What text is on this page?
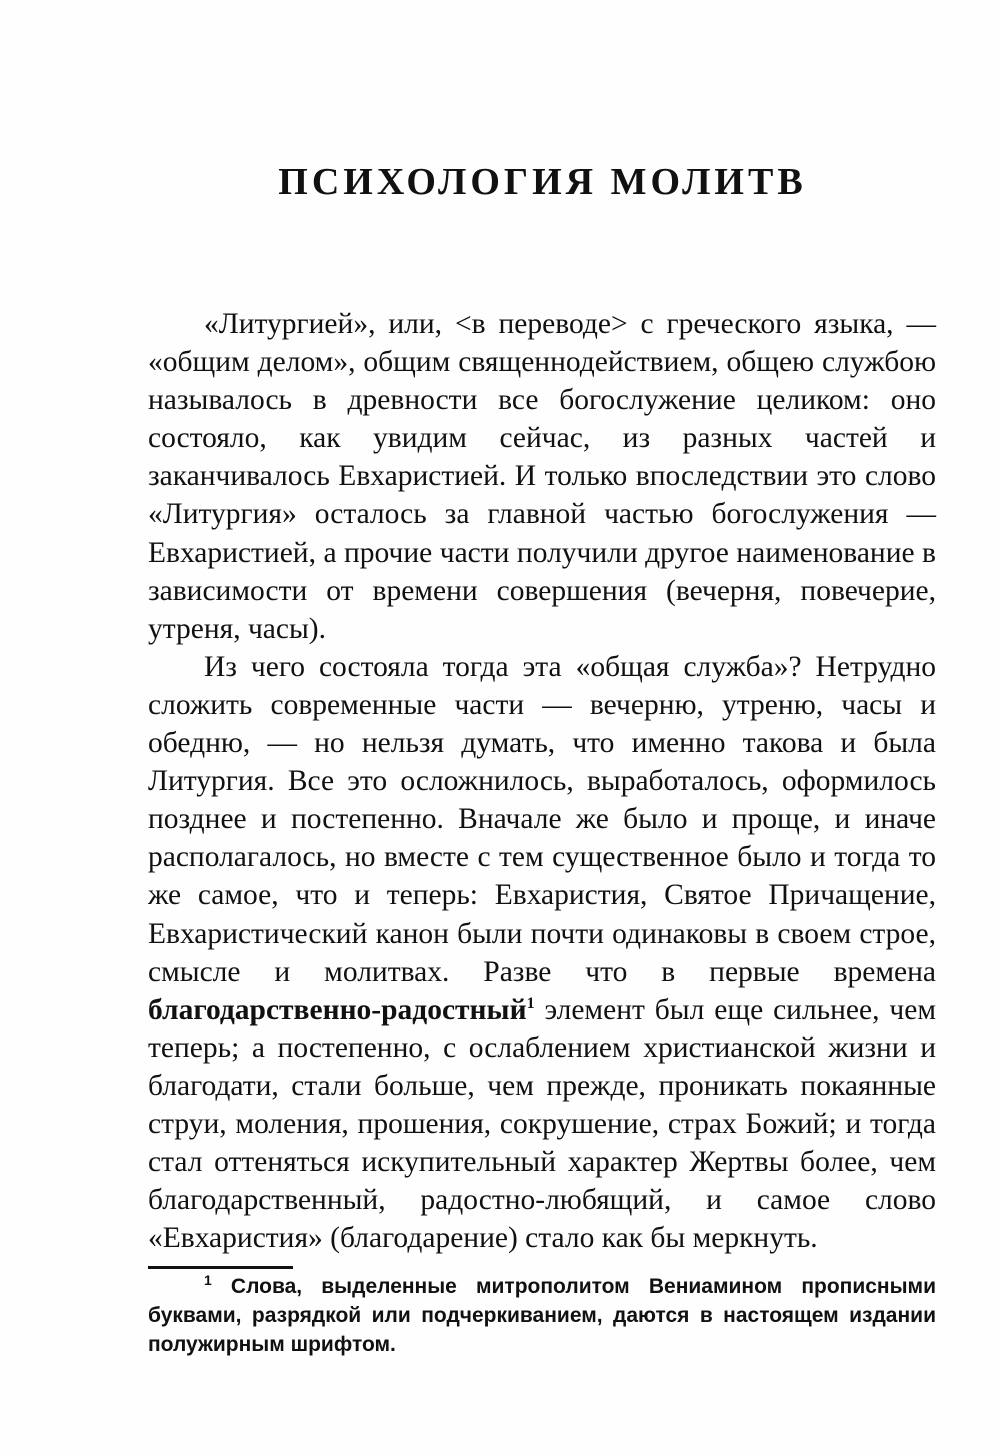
ПСИХОЛОГИЯ МОЛИТВ

«Литургией», или, <в переводе> с греческого языка, — «общим делом», общим священнодействием, общею службою называлось в древности все богослужение целиком: оно состояло, как увидим сейчас, из разных частей и заканчивалось Евхаристией. И только впоследствии это слово «Литургия» осталось за главной частью богослужения — Евхаристией, а прочие части получили другое наименование в зависимости от времени совершения (вечерня, повечерие, утреня, часы).

Из чего состояла тогда эта «общая служба»? Нетрудно сложить современные части — вечерню, утреню, часы и обедню, — но нельзя думать, что именно такова и была Литургия. Все это осложнилось, выработалось, оформилось позднее и постепенно. Вначале же было и проще, и иначе располагалось, но вместе с тем существенное было и тогда то же самое, что и теперь: Евхаристия, Святое Причащение, Евхаристический канон были почти одинаковы в своем строе, смысле и молитвах. Разве что в первые времена благодарственно-радостный$^1$ элемент был еще сильнее, чем теперь; а постепенно, с ослаблением христианской жизни и благодати, стали больше, чем прежде, проникать покаянные струи, моления, прошения, сокрушение, страх Божий; и тогда стал оттеняться искупительный характер Жертвы более, чем благодарственный, радостно-любящий, и самое слово «Евхаристия» (благодарение) стало как бы меркнуть.

$^1$ Слова, выделенные митрополитом Вениамином прописными буквами, разрядкой или подчеркиванием, даются в настоящем издании полужирным шрифтом.
